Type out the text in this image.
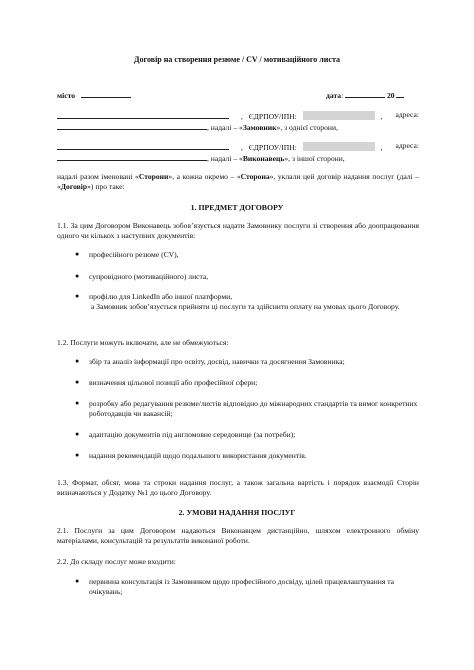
Договір на створення резюме / CV / мотиваційного листа
місто	дата:	20
, ЄДРПОУ/ІПН:	, адреса:
, надалі – «Замовник», з однієї сторони,
, ЄДРПОУ/ІПН:	, адреса:
, надалі – «Виконавець», з іншої сторони,
надалі разом іменовані «Сторони», а кожна окремо – «Сторона», уклали цей договір надання послуг (далі – «Договір») про таке:
1. ПРЕДМЕТ ДОГОВОРУ
1.1. За цим Договором Виконавець зобов’язується надати Замовнику послуги зі створення або доопрацювання одного чи кількох з наступних документів:
● професійного резюме (CV),
● супровідного (мотиваційного) листа,
● профілю для LinkedIn або іншої платформи,
а Замовник зобов’язується прийняти ці послуги та здійснити оплату на умовах цього Договору.
1.2. Послуги можуть включати, але не обмежуються:
● збір та аналіз інформації про освіту, досвід, навички та досягнення Замовника;
● визначення цільової позиції або професійної сфери;
● розробку або редагування резюме/листів відповідно до міжнародних стандартів та вимог конкретних роботодавців чи вакансій;
● адаптацію документів під англомовне середовище (за потреби);
● надання рекомендацій щодо подальшого використання документів.
1.3. Формат, обсяг, мова та строки надання послуг, а також загальна вартість і порядок взаємодії Сторін визначаються у Додатку №1 до цього Договору.
2. УМОВИ НАДАННЯ ПОСЛУГ
2.1. Послуги за цим Договором надаються Виконавцем дистанційно, шляхом електронного обміну матеріалами, консультацій та результатів виконаної роботи.
2.2. До складу послуг може входити:
● первинна консультація із Замовником щодо професійного досвіду, цілей працевлаштування та очікувань;
